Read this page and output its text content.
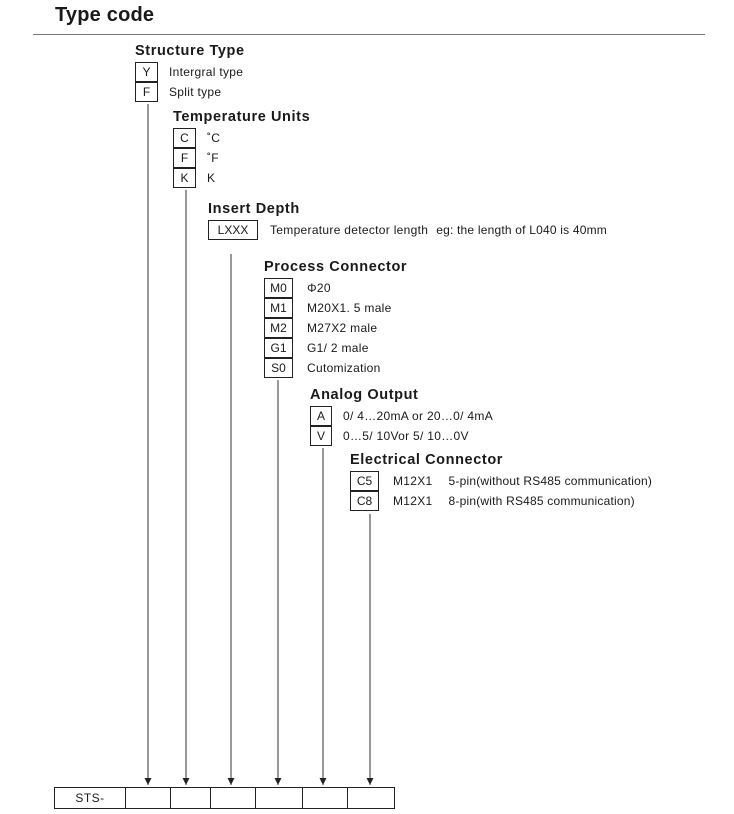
Type code
Structure Type
Y	Intergral type
F	Split type
Temperature Units
C	˚C
F	˚F
K	K
Insert Depth
LXXX	Temperature detector length eg: the length of L040 is 40mm
Process Connector
M0	Φ20
M1	M20X1. 5 male
M2	M27X2 male
G1	G1/ 2 male
S0	Cutomization
Analog Output
A	0/ 4…20mA or 20…0/ 4mA
V	0…5/ 10Vor 5/ 10…0V
Electrical Connector
C5	M12X1 5-pin(without RS485 communication)
C8	M12X1 8-pin(with RS485 communication)
STS-
